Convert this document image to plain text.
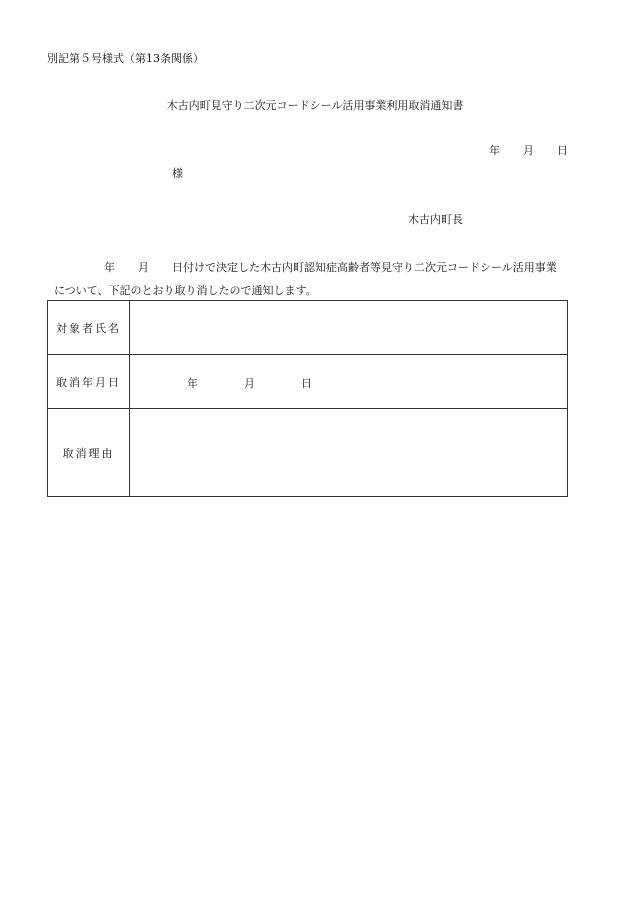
別記第５号様式（第13条関係）
木古内町見守り二次元コードシール活用事業利用取消通知書
年 月 日
様
木古内町長
年 月 日付けで決定した木古内町認知症高齢者等見守り二次元コードシール活用事業
について、下記のとおり取り消したので通知します。
対象者氏名	
取消年月日	年 月 日

取消理由	
